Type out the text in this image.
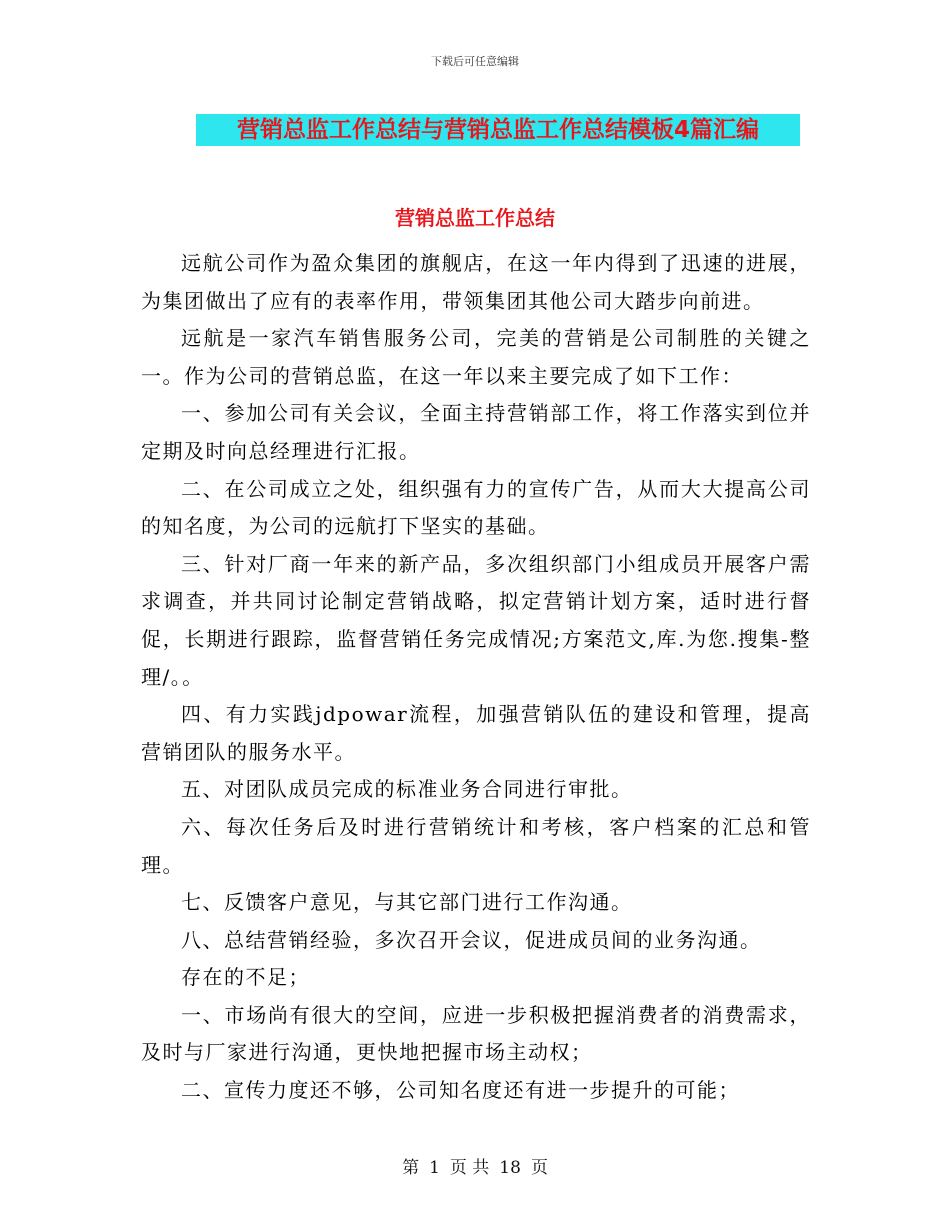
下载后可任意编辑
营销总监工作总结与营销总监工作总结模板4篇汇编
营销总监工作总结

远航公司作为盈众集团的旗舰店，在这一年内得到了迅速的进展，为集团做出了应有的表率作用，带领集团其他公司大踏步向前进。

远航是一家汽车销售服务公司，完美的营销是公司制胜的关键之一。作为公司的营销总监，在这一年以来主要完成了如下工作：

一、参加公司有关会议，全面主持营销部工作，将工作落实到位并定期及时向总经理进行汇报。

二、在公司成立之处，组织强有力的宣传广告，从而大大提高公司的知名度，为公司的远航打下坚实的基础。

三、针对厂商一年来的新产品，多次组织部门小组成员开展客户需求调查，并共同讨论制定营销战略，拟定营销计划方案，适时进行督促，长期进行跟踪，监督营销任务完成情况;方案范文,库.为您.搜集-整理/。。

四、有力实践jdpowar流程，加强营销队伍的建设和管理，提高营销团队的服务水平。

五、对团队成员完成的标准业务合同进行审批。

六、每次任务后及时进行营销统计和考核，客户档案的汇总和管理。

七、反馈客户意见，与其它部门进行工作沟通。

八、总结营销经验，多次召开会议，促进成员间的业务沟通。

存在的不足；

一、市场尚有很大的空间，应进一步积极把握消费者的消费需求，及时与厂家进行沟通，更快地把握市场主动权；

二、宣传力度还不够，公司知名度还有进一步提升的可能；

第 1 页 共 18 页
